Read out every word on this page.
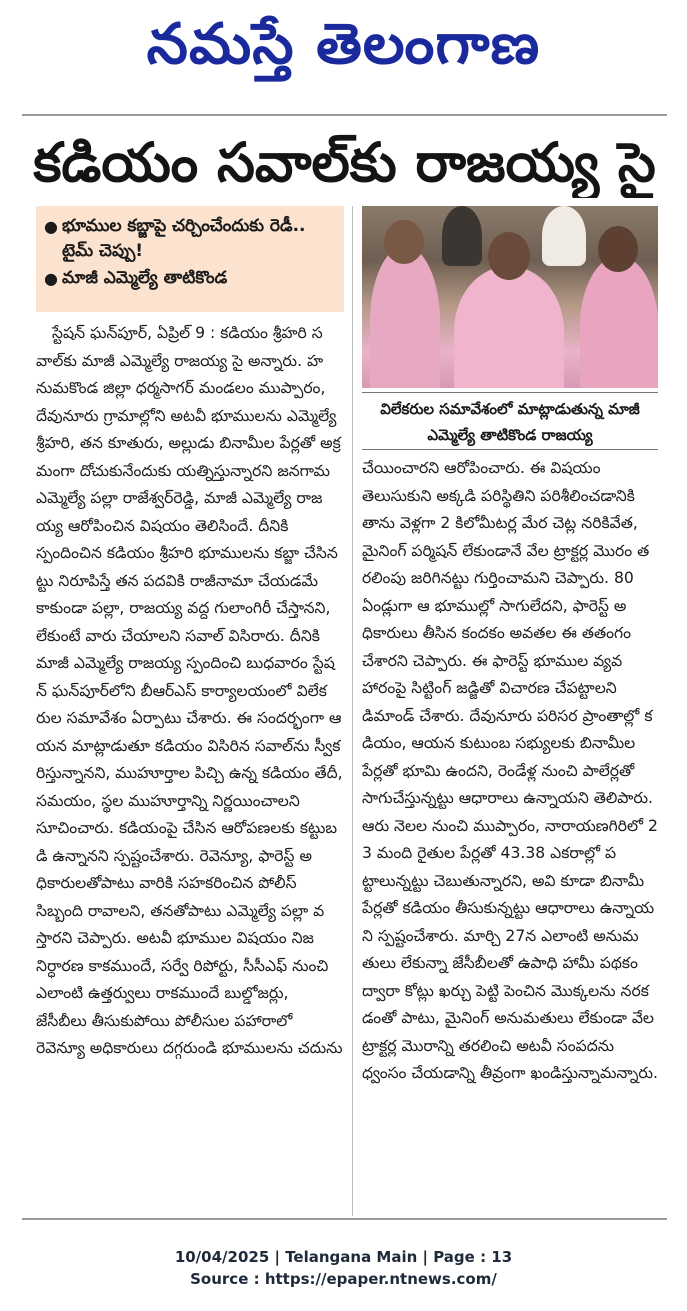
నమస్తే తెలంగాణ
కడియం సవాల్‌కు రాజయ్య సై
● భూముల కబ్జాపై చర్చించేందుకు రెడీ.. టైమ్ చెప్పు!
● మాజీ ఎమ్మెల్యే తాటికొండ
విలేకరుల సమావేశంలో మాట్లాడుతున్న మాజీ ఎమ్మెల్యే తాటికొండ రాజయ్య

స్టేషన్ ఘన్‌పూర్, ఏప్రిల్ 9 : కడియం శ్రీహరి సవాల్‌కు మాజీ ఎమ్మెల్యే రాజయ్య సై అన్నారు. హనుమకొండ జిల్లా ధర్మసాగర్ మండలం ముప్పారం, దేవునూరు గ్రామాల్లోని అటవీ భూములను ఎమ్మెల్యే శ్రీహరి, తన కూతురు, అల్లుడు బినామీల పేర్లతో అక్రమంగా దోచుకునేందుకు యత్నిస్తున్నారని జనగామ ఎమ్మెల్యే పల్లా రాజేశ్వర్‌రెడ్డి, మాజీ ఎమ్మెల్యే రాజయ్య ఆరోపించిన విషయం తెలిసిందే. దీనికి స్పందించిన కడియం శ్రీహరి భూములను కబ్జా చేసినట్టు నిరూపిస్తే తన పదవికి రాజీనామా చేయడమే కాకుండా పల్లా, రాజయ్య వద్ద గులాంగిరీ చేస్తానని, లేకుంటే వారు చేయాలని సవాల్ విసిరారు. దీనికి మాజీ ఎమ్మెల్యే రాజయ్య స్పందించి బుధవారం స్టేషన్ ఘన్‌పూర్‌లోని బీఆర్ఎస్ కార్యాలయంలో విలేకరుల సమావేశం ఏర్పాటు చేశారు. ఈ సందర్భంగా ఆయన మాట్లాడుతూ కడియం విసిరిన సవాల్‌ను స్వీకరిస్తున్నానని, ముహూర్తాల పిచ్చి ఉన్న కడియం తేదీ, సమయం, స్థల ముహూర్తాన్ని నిర్ణయించాలని సూచించారు. కడియంపై చేసిన ఆరోపణలకు కట్టుబడి ఉన్నానని స్పష్టంచేశారు. రెవెన్యూ, ఫారెస్ట్ అధికారులతోపాటు వారికి సహకరించిన పోలీస్ సిబ్బంది రావాలని, తనతోపాటు ఎమ్మెల్యే పల్లా వస్తారని చెప్పారు. అటవీ భూముల విషయం నిజనిర్ధారణ కాకముందే, సర్వే రిపోర్టు, సీసీఎఫ్ నుంచి ఎలాంటి ఉత్తర్వులు రాకముందే బుల్డోజర్లు, జేసీబీలు తీసుకుపోయి పోలీసుల పహారాలో రెవెన్యూ అధికారులు దగ్గరుండి భూములను చదును

చేయించారని ఆరోపించారు. ఈ విషయం తెలుసుకుని అక్కడి పరిస్థితిని పరిశీలించడానికి తాను వెళ్లగా 2 కిలోమీటర్ల మేర చెట్ల నరికివేత, మైనింగ్ పర్మిషన్ లేకుండానే వేల ట్రాక్టర్ల మొరం తరలింపు జరిగినట్టు గుర్తించామని చెప్పారు. 80 ఏండ్లుగా ఆ భూముల్లో సాగులేదని, ఫారెస్ట్ అధికారులు తీసిన కందకం అవతల ఈ తతంగం చేశారని చెప్పారు. ఈ ఫారెస్ట్ భూముల వ్యవహారంపై సిట్టింగ్ జడ్జితో విచారణ చేపట్టాలని డిమాండ్ చేశారు. దేవునూరు పరిసర ప్రాంతాల్లో కడియం, ఆయన కుటుంబ సభ్యులకు బినామీల పేర్లతో భూమి ఉందని, రెండేళ్ల నుంచి పాలేర్లతో సాగుచేస్తున్నట్టు ఆధారాలు ఉన్నాయని తెలిపారు. ఆరు నెలల నుంచి ముప్పారం, నారాయణగిరిలో 23 మంది రైతుల పేర్లతో 43.38 ఎకరాల్లో పట్టాలున్నట్టు చెబుతున్నారని, అవి కూడా బినామీ పేర్లతో కడియం తీసుకున్నట్టు ఆధారాలు ఉన్నాయని స్పష్టంచేశారు. మార్చి 27న ఎలాంటి అనుమతులు లేకున్నా జేసీబీలతో ఉపాధి హామీ పథకం ద్వారా కోట్లు ఖర్చు పెట్టి పెంచిన మొక్కలను నరకడంతో పాటు, మైనింగ్ అనుమతులు లేకుండా వేల ట్రాక్టర్ల మొరాన్ని తరలించి అటవీ సంపదను ధ్వంసం చేయడాన్ని తీవ్రంగా ఖండిస్తున్నామన్నారు.

10/04/2025 | Telangana Main | Page : 13
Source : https://epaper.ntnews.com/
